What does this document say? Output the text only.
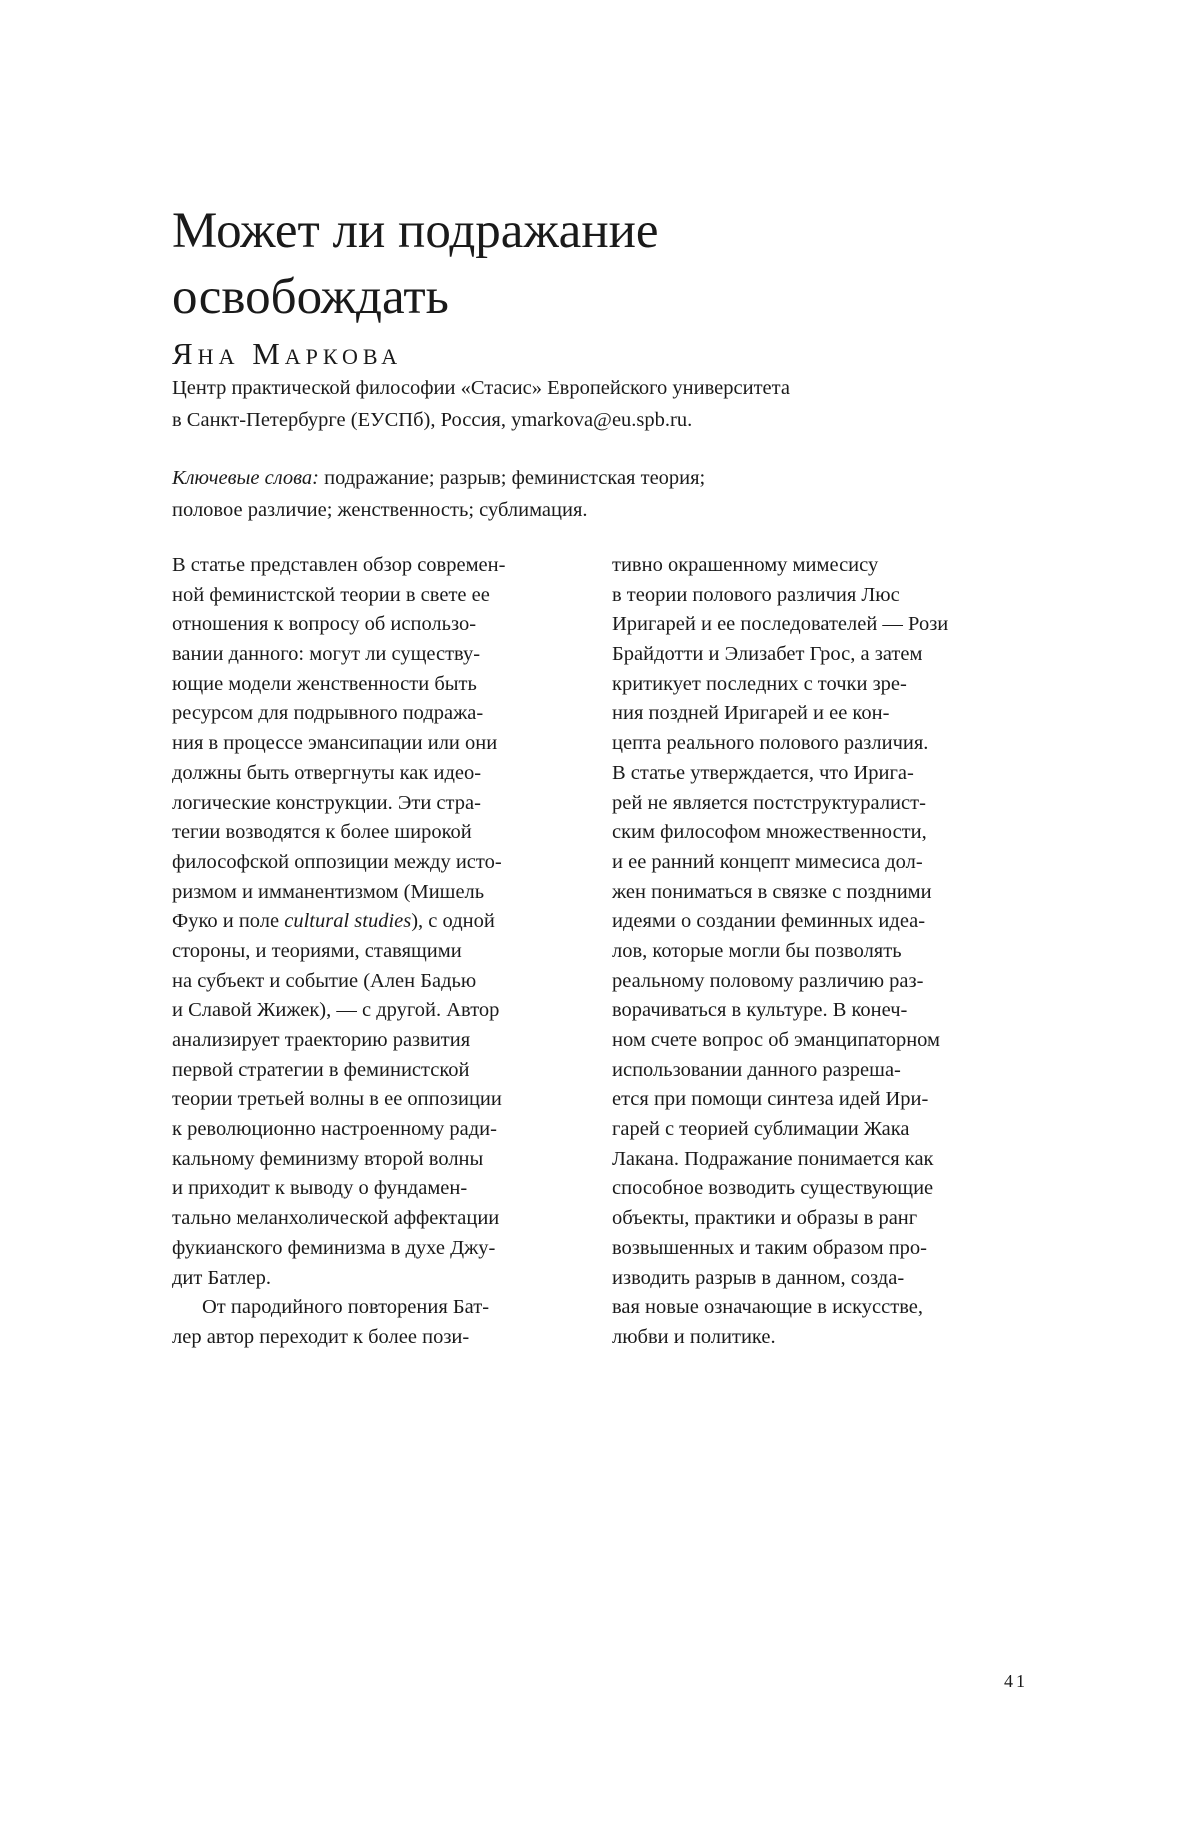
Может ли подражание
освобождать
Яна Маркова
Центр практической философии «Стасис» Европейского университета
в Санкт-Петербурге (ЕУСПб), Россия, ymarkova@eu.spb.ru.
Ключевые слова: подражание; разрыв; феминистская теория;
половое различие; женственность; сублимация.
В статье представлен обзор современ-
ной феминистской теории в свете ее
отношения к вопросу об использо-
вании данного: могут ли существу-
ющие модели женственности быть
ресурсом для подрывного подража-
ния в процессе эмансипации или они
должны быть отвергнуты как идео-
логические конструкции. Эти стра-
тегии возводятся к более широкой
философской оппозиции между исто-
ризмом и имманентизмом (Мишель
Фуко и поле cultural studies), с одной
стороны, и теориями, ставящими
на субъект и событие (Ален Бадью
и Славой Жижек), — с другой. Автор
анализирует траекторию развития
первой стратегии в феминистской
теории третьей волны в ее оппозиции
к революционно настроенному ради-
кальному феминизму второй волны
и приходит к выводу о фундамен-
тально меланхолической аффектации
фукианского феминизма в духе Джу-
дит Батлер.
От пародийного повторения Бат-
лер автор переходит к более пози-
тивно окрашенному мимесису
в теории полового различия Люс
Иригарей и ее последователей — Рози
Брайдотти и Элизабет Грос, а затем
критикует последних с точки зре-
ния поздней Иригарей и ее кон-
цепта реального полового различия.
В статье утверждается, что Ирига-
рей не является постструктуралист-
ским философом множественности,
и ее ранний концепт мимесиса дол-
жен пониматься в связке с поздними
идеями о создании феминных идеа-
лов, которые могли бы позволять
реальному половому различию раз-
ворачиваться в культуре. В конеч-
ном счете вопрос об эманципаторном
использовании данного разреша-
ется при помощи синтеза идей Ири-
гарей с теорией сублимации Жака
Лакана. Подражание понимается как
способное возводить существующие
объекты, практики и образы в ранг
возвышенных и таким образом про-
изводить разрыв в данном, созда-
вая новые означающие в искусстве,
любви и политике.
41
